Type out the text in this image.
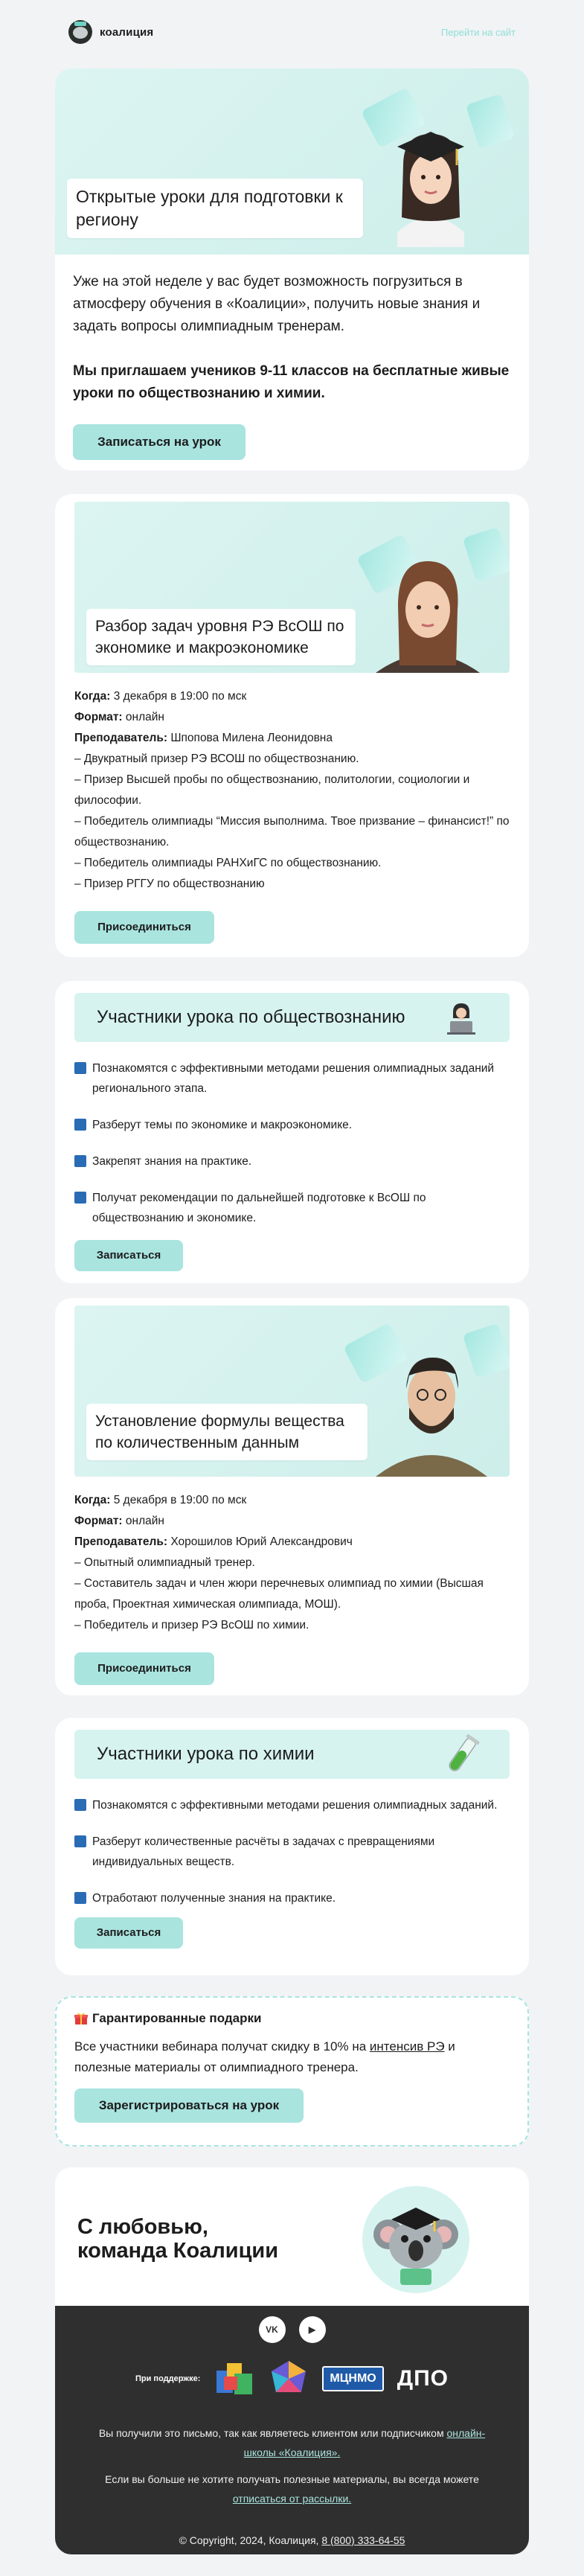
коалиция	Перейти на сайт
Открытые уроки для подготовки к региону

Уже на этой неделе у вас будет возможность погрузиться в атмосферу обучения в «Коалиции», получить новые знания и задать вопросы олимпиадным тренерам.

Мы приглашаем учеников 9-11 классов на бесплатные живые уроки по обществознанию и химии.

Записаться на урок
Разбор задач уровня РЭ ВсОШ по экономике и макроэкономике
Когда: 3 декабря в 19:00 по мск
Формат: онлайн
Преподаватель: Шпопова Милена Леонидовна
– Двукратный призер РЭ ВСОШ по обществознанию.
– Призер Высшей пробы по обществознанию, политологии, социологии и философии.
– Победитель олимпиады “Миссия выполнима. Твое призвание – финансист!” по обществознанию.
– Победитель олимпиады РАНХиГС по обществознанию.
– Призер РГГУ по обществознанию
Присоединиться
Участники урока по обществознанию
Познакомятся с эффективными методами решения олимпиадных заданий регионального этапа.
Разберут темы по экономике и макроэкономике.
Закрепят знания на практике.
Получат рекомендации по дальнейшей подготовке к ВсОШ по обществознанию и экономике.
Записаться
Установление формулы вещества по количественным данным
Когда: 5 декабря в 19:00 по мск
Формат: онлайн
Преподаватель: Хорошилов Юрий Александрович
– Опытный олимпиадный тренер.
– Составитель задач и член жюри перечневых олимпиад по химии (Высшая проба, Проектная химическая олимпиада, МОШ).
– Победитель и призер РЭ ВсОШ по химии.
Присоединиться
Участники урока по химии
Познакомятся с эффективными методами решения олимпиадных заданий.
Разберут количественные расчёты в задачах с превращениями индивидуальных веществ.
Отработают полученные знания на практике.
Записаться
Гарантированные подарки

Все участники вебинара получат скидку в 10% на интенсив РЭ и полезные материалы от олимпиадного тренера.

Зарегистрироваться на урок
С любовью,
команда Коалиции
VK	▶
При поддержке:	МЦНМО ДПО

Вы получили это письмо, так как являетесь клиентом или подписчиком онлайн-школы «Коалиция».

Если вы больше не хотите получать полезные материалы, вы всегда можете отписаться от рассылки.

© Copyright, 2024, Коалиция, 8 (800) 333-64-55
